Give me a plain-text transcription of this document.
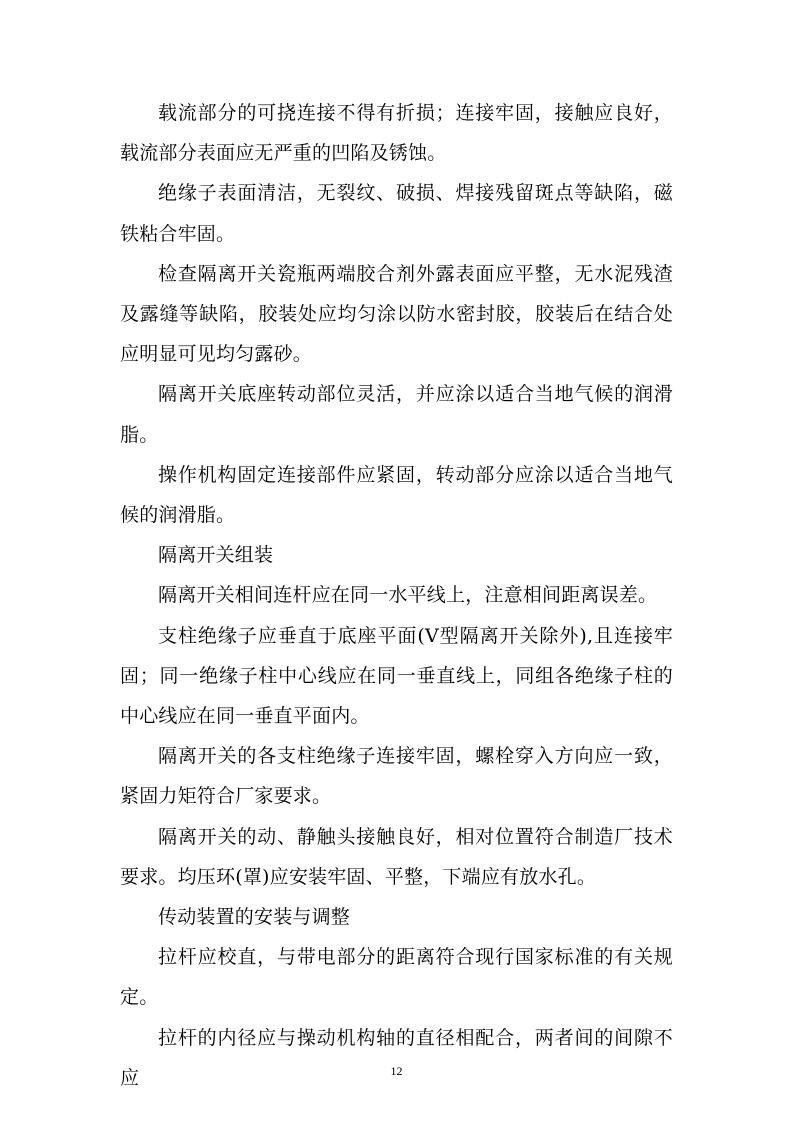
载流部分的可挠连接不得有折损；连接牢固，接触应良好，载流部分表面应无严重的凹陷及锈蚀。

绝缘子表面清洁，无裂纹、破损、焊接残留斑点等缺陷，磁铁粘合牢固。

检查隔离开关瓷瓶两端胶合剂外露表面应平整，无水泥残渣及露缝等缺陷，胶装处应均匀涂以防水密封胶，胶装后在结合处应明显可见均匀露砂。

隔离开关底座转动部位灵活，并应涂以适合当地气候的润滑脂。

操作机构固定连接部件应紧固，转动部分应涂以适合当地气候的润滑脂。

隔离开关组装

隔离开关相间连杆应在同一水平线上，注意相间距离误差。

支柱绝缘子应垂直于底座平面(V型隔离开关除外),且连接牢固；同一绝缘子柱中心线应在同一垂直线上，同组各绝缘子柱的中心线应在同一垂直平面内。

隔离开关的各支柱绝缘子连接牢固，螺栓穿入方向应一致，紧固力矩符合厂家要求。

隔离开关的动、静触头接触良好，相对位置符合制造厂技术要求。均压环(罩)应安装牢固、平整，下端应有放水孔。

传动装置的安装与调整

拉杆应校直，与带电部分的距离符合现行国家标准的有关规定。

拉杆的内径应与操动机构轴的直径相配合，两者间的间隙不应	12
